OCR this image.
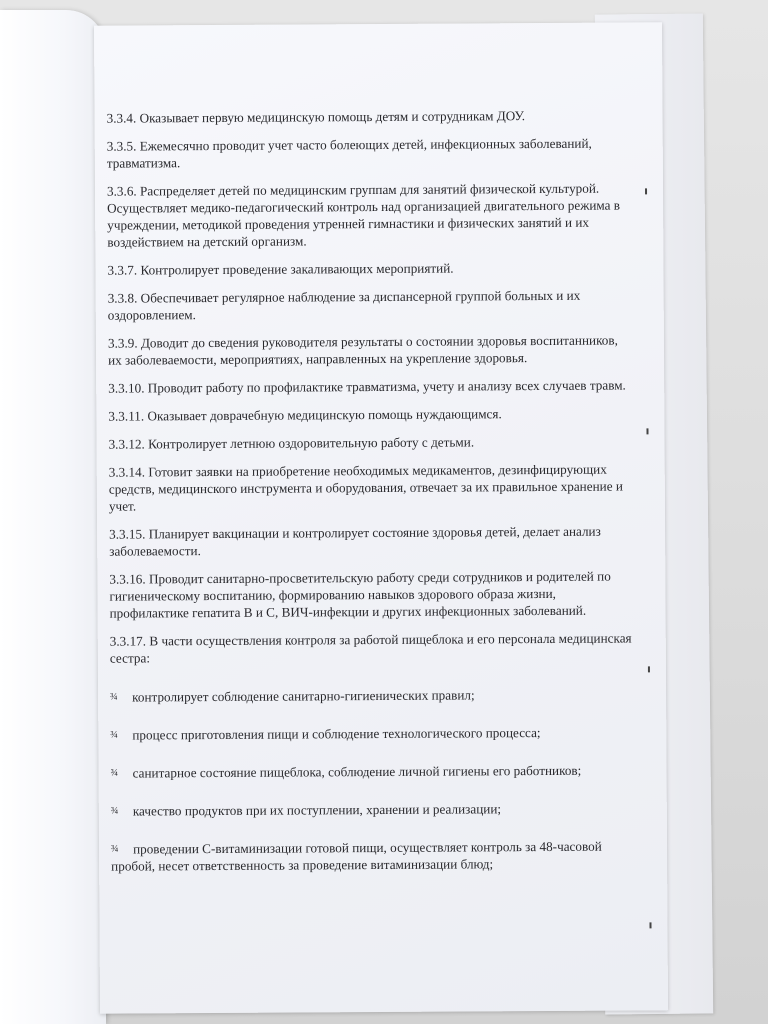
3.3.4. Оказывает первую медицинскую помощь детям и сотрудникам ДОУ.

3.3.5. Ежемесячно проводит учет часто болеющих детей, инфекционных заболеваний, травматизма.

3.3.6. Распределяет детей по медицинским группам для занятий физической культурой. Осуществляет медико-педагогический контроль над организацией двигательного режима в учреждении, методикой проведения утренней гимнастики и физических занятий и их воздействием на детский организм.

3.3.7. Контролирует проведение закаливающих мероприятий.

3.3.8. Обеспечивает регулярное наблюдение за диспансерной группой больных и их оздоровлением.

3.3.9. Доводит до сведения руководителя результаты о состоянии здоровья воспитанников, их заболеваемости, мероприятиях, направленных на укрепление здоровья.

3.3.10. Проводит работу по профилактике травматизма, учету и анализу всех случаев травм.

3.3.11. Оказывает доврачебную медицинскую помощь нуждающимся.

3.3.12. Контролирует летнюю оздоровительную работу с детьми.

3.3.14. Готовит заявки на приобретение необходимых медикаментов, дезинфицирующих средств, медицинского инструмента и оборудования, отвечает за их правильное хранение и учет.

3.3.15. Планирует вакцинации и контролирует состояние здоровья детей, делает анализ заболеваемости.

3.3.16. Проводит санитарно-просветительскую работу среди сотрудников и родителей по гигиеническому воспитанию, формированию навыков здорового образа жизни, профилактике гепатита В и С, ВИЧ-инфекции и других инфекционных заболеваний.

3.3.17. В части осуществления контроля за работой пищеблока и его персонала медицинская сестра:

¾ контролирует соблюдение санитарно-гигиенических правил;
¾ процесс приготовления пищи и соблюдение технологического процесса;
¾ санитарное состояние пищеблока, соблюдение личной гигиены его работников;
¾ качество продуктов при их поступлении, хранении и реализации;
¾ проведении С-витаминизации готовой пищи, осуществляет контроль за 48-часовой пробой, несет ответственность за проведение витаминизации блюд;
